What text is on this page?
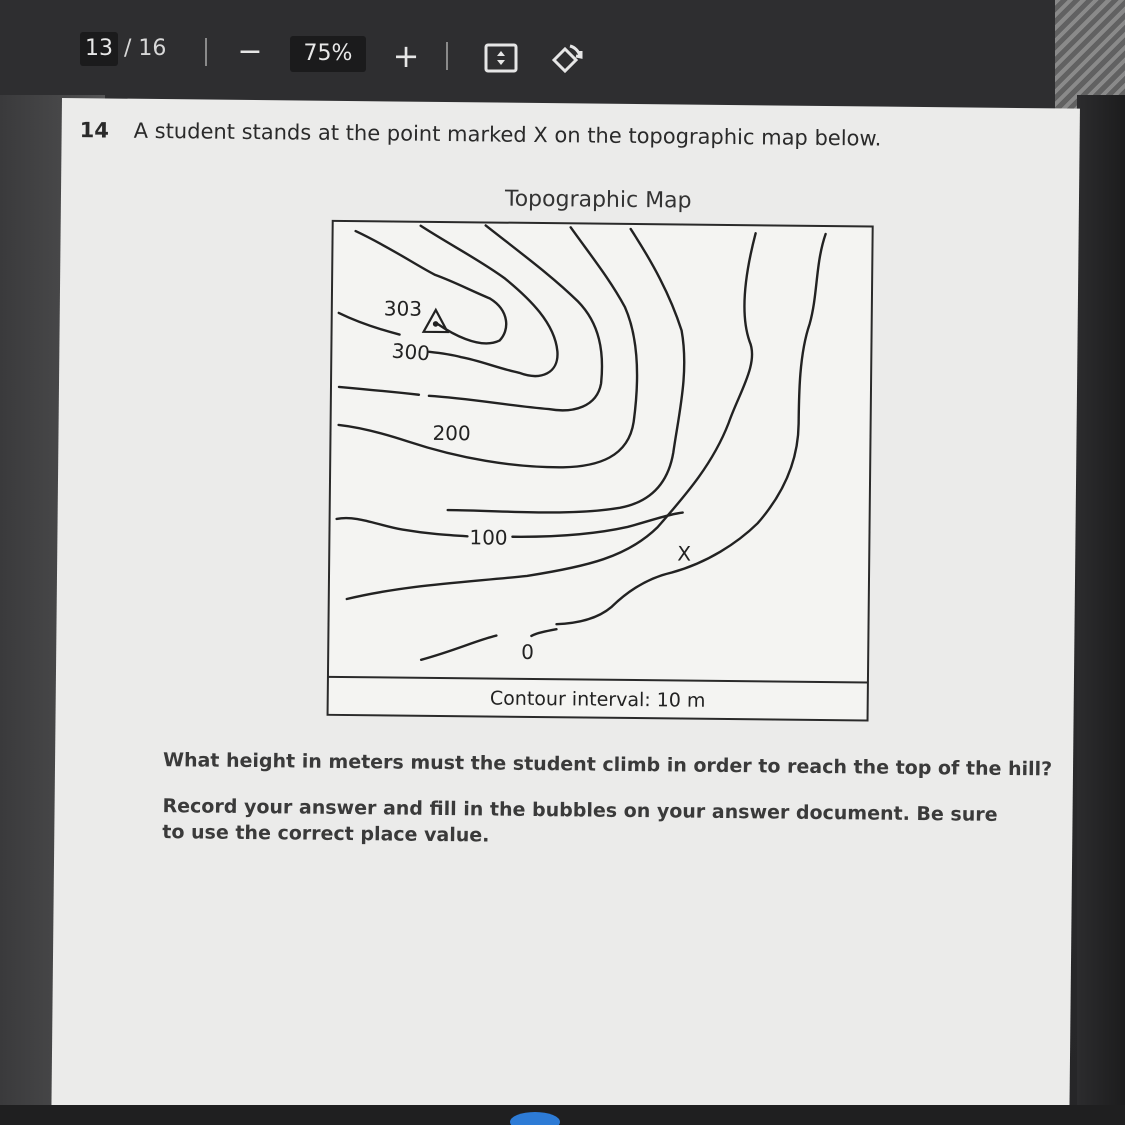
13 / 16 −	75%	+
14 A student stands at the point marked X on the topographic map below.
Topographic Map
303
300
200
100
0
X
Contour interval: 10 m
What height in meters must the student climb in order to reach the top of the hill?
Record your answer and fill in the bubbles on your answer document. Be sure to use the correct place value.
